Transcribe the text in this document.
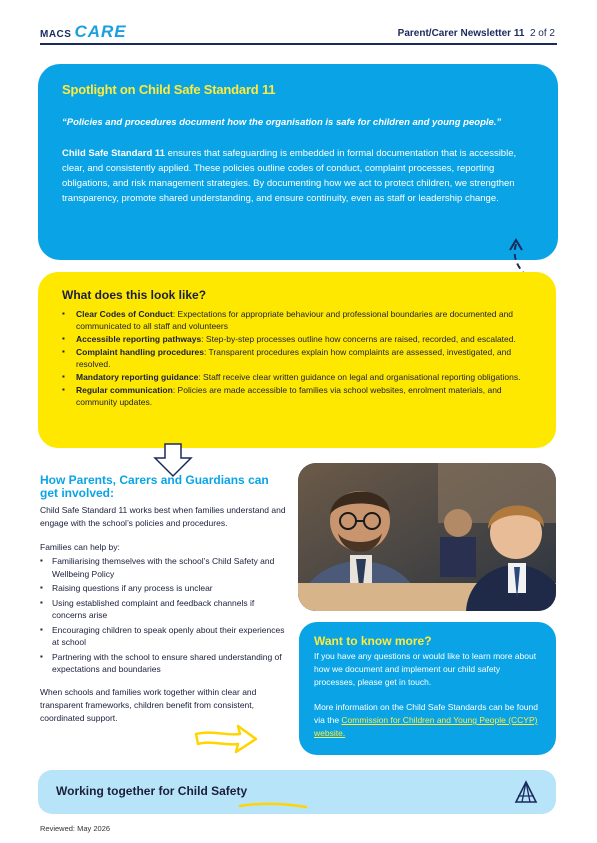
MACS CARE	Parent/Carer Newsletter 11 2 of 2
Spotlight on Child Safe Standard 11

“Policies and procedures document how the organisation is safe for children and young people.”

Child Safe Standard 11 ensures that safeguarding is embedded in formal documentation that is accessible, clear, and consistently applied. These policies outline codes of conduct, complaint processes, reporting obligations, and risk management strategies. By documenting how we act to protect children, we strengthen transparency, promote shared understanding, and ensure continuity, even as staff or leadership change.

What does this look like?
▪ Clear Codes of Conduct: Expectations for appropriate behaviour and professional boundaries are documented and communicated to all staff and volunteers
▪ Accessible reporting pathways: Step-by-step processes outline how concerns are raised, recorded, and escalated.
▪ Complaint handling procedures: Transparent procedures explain how complaints are assessed, investigated, and resolved.
▪ Mandatory reporting guidance: Staff receive clear written guidance on legal and organisational reporting obligations.
▪ Regular communication: Policies are made accessible to families via school websites, enrolment materials, and community updates.
How Parents, Carers and Guardians can get involved:

Child Safe Standard 11 works best when families understand and engage with the school’s policies and procedures.

Families can help by:

▪ Familiarising themselves with the school’s Child Safety and Wellbeing Policy
▪ Raising questions if any process is unclear
▪ Using established complaint and feedback channels if concerns arise
▪ Encouraging children to speak openly about their experiences at school
▪ Partnering with the school to ensure shared understanding of expectations and boundaries

When schools and families work together within clear and transparent frameworks, children benefit from consistent, coordinated support.

Want to know more?

If you have any questions or would like to learn more about how we document and implement our child safety processes, please get in touch.

More information on the Child Safe Standards can be found via the Commission for Children and Young People (CCYP) website.

Working together for Child Safety
Reviewed: May 2026
